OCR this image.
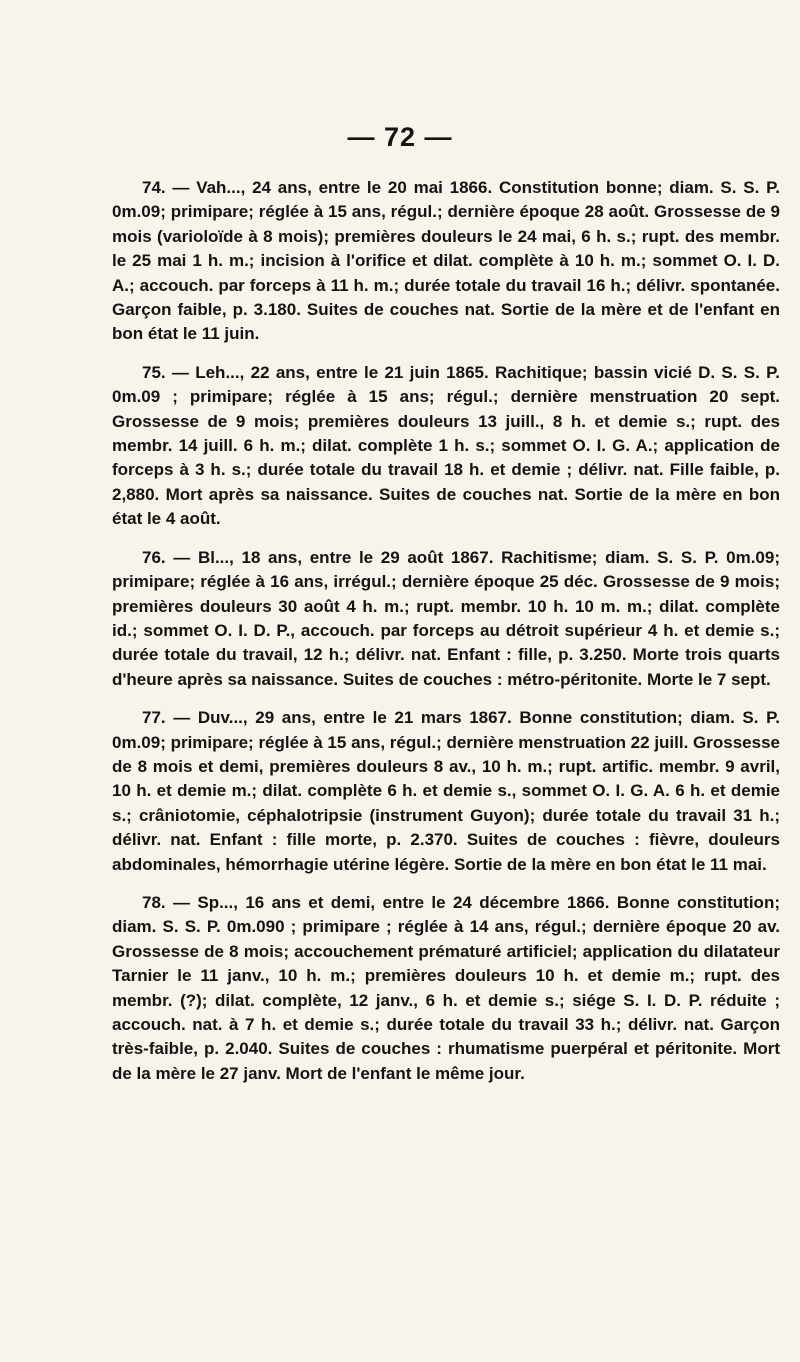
— 72 —

74. — Vah..., 24 ans, entre le 20 mai 1866. Constitution bonne; diam. S. S. P. 0m.09; primipare; réglée à 15 ans, régul.; dernière époque 28 août. Grossesse de 9 mois (varioloïde à 8 mois); premières douleurs le 24 mai, 6 h. s.; rupt. des membr. le 25 mai 1 h. m.; incision à l'orifice et dilat. complète à 10 h. m.; sommet O. I. D. A.; accouch. par forceps à 11 h. m.; durée totale du travail 16 h.; délivr. spontanée. Garçon faible, p. 3.180. Suites de couches nat. Sortie de la mère et de l'enfant en bon état le 11 juin.

75. — Leh..., 22 ans, entre le 21 juin 1865. Rachitique; bassin vicié D. S. S. P. 0m.09 ; primipare; réglée à 15 ans; régul.; dernière menstruation 20 sept. Grossesse de 9 mois; premières douleurs 13 juill., 8 h. et demie s.; rupt. des membr. 14 juill. 6 h. m.; dilat. complète 1 h. s.; sommet O. I. G. A.; application de forceps à 3 h. s.; durée totale du travail 18 h. et demie ; délivr. nat. Fille faible, p. 2,880. Mort après sa naissance. Suites de couches nat. Sortie de la mère en bon état le 4 août.

76. — Bl..., 18 ans, entre le 29 août 1867. Rachitisme; diam. S. S. P. 0m.09; primipare; réglée à 16 ans, irrégul.; dernière époque 25 déc. Grossesse de 9 mois; premières douleurs 30 août 4 h. m.; rupt. membr. 10 h. 10 m. m.; dilat. complète id.; sommet O. I. D. P., accouch. par forceps au détroit supérieur 4 h. et demie s.; durée totale du travail, 12 h.; délivr. nat. Enfant : fille, p. 3.250. Morte trois quarts d'heure après sa naissance. Suites de couches : métro-péritonite. Morte le 7 sept.

77. — Duv..., 29 ans, entre le 21 mars 1867. Bonne constitution; diam. S. P. 0m.09; primipare; réglée à 15 ans, régul.; dernière menstruation 22 juill. Grossesse de 8 mois et demi, premières douleurs 8 av., 10 h. m.; rupt. artific. membr. 9 avril, 10 h. et demie m.; dilat. complète 6 h. et demie s., sommet O. I. G. A. 6 h. et demie s.; crâniotomie, céphalotripsie (instrument Guyon); durée totale du travail 31 h.; délivr. nat. Enfant : fille morte, p. 2.370. Suites de couches : fièvre, douleurs abdominales, hémorrhagie utérine légère. Sortie de la mère en bon état le 11 mai.

78. — Sp..., 16 ans et demi, entre le 24 décembre 1866. Bonne constitution; diam. S. S. P. 0m.090 ; primipare ; réglée à 14 ans, régul.; dernière époque 20 av. Grossesse de 8 mois; accouchement prématuré artificiel; application du dilatateur Tarnier le 11 janv., 10 h. m.; premières douleurs 10 h. et demie m.; rupt. des membr. (?); dilat. complète, 12 janv., 6 h. et demie s.; siége S. I. D. P. réduite ; accouch. nat. à 7 h. et demie s.; durée totale du travail 33 h.; délivr. nat. Garçon très-faible, p. 2.040. Suites de couches : rhumatisme puerpéral et péritonite. Mort de la mère le 27 janv. Mort de l'enfant le même jour.
